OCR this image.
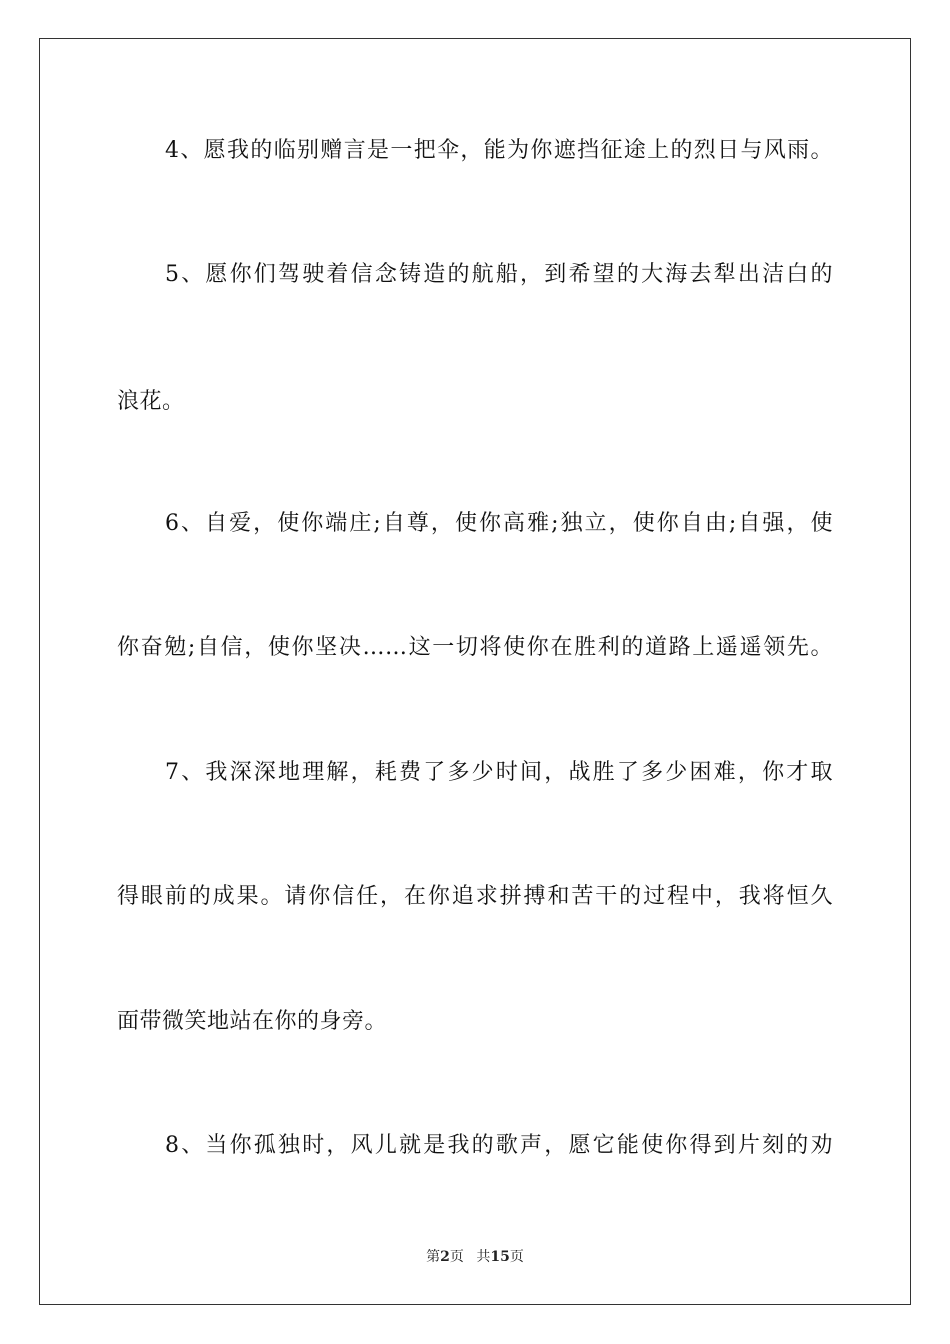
4、愿我的临别赠言是一把伞，能为你遮挡征途上的烈日与风雨。

5、愿你们驾驶着信念铸造的航船，到希望的大海去犁出洁白的

浪花。

6、自爱，使你端庄;自尊，使你高雅;独立，使你自由;自强，使

你奋勉;自信，使你坚决……这一切将使你在胜利的道路上遥遥领先。

7、我深深地理解，耗费了多少时间，战胜了多少困难，你才取

得眼前的成果。请你信任，在你追求拼搏和苦干的过程中，我将恒久

面带微笑地站在你的身旁。

8、当你孤独时，风儿就是我的歌声，愿它能使你得到片刻的劝

第2页 共15页
